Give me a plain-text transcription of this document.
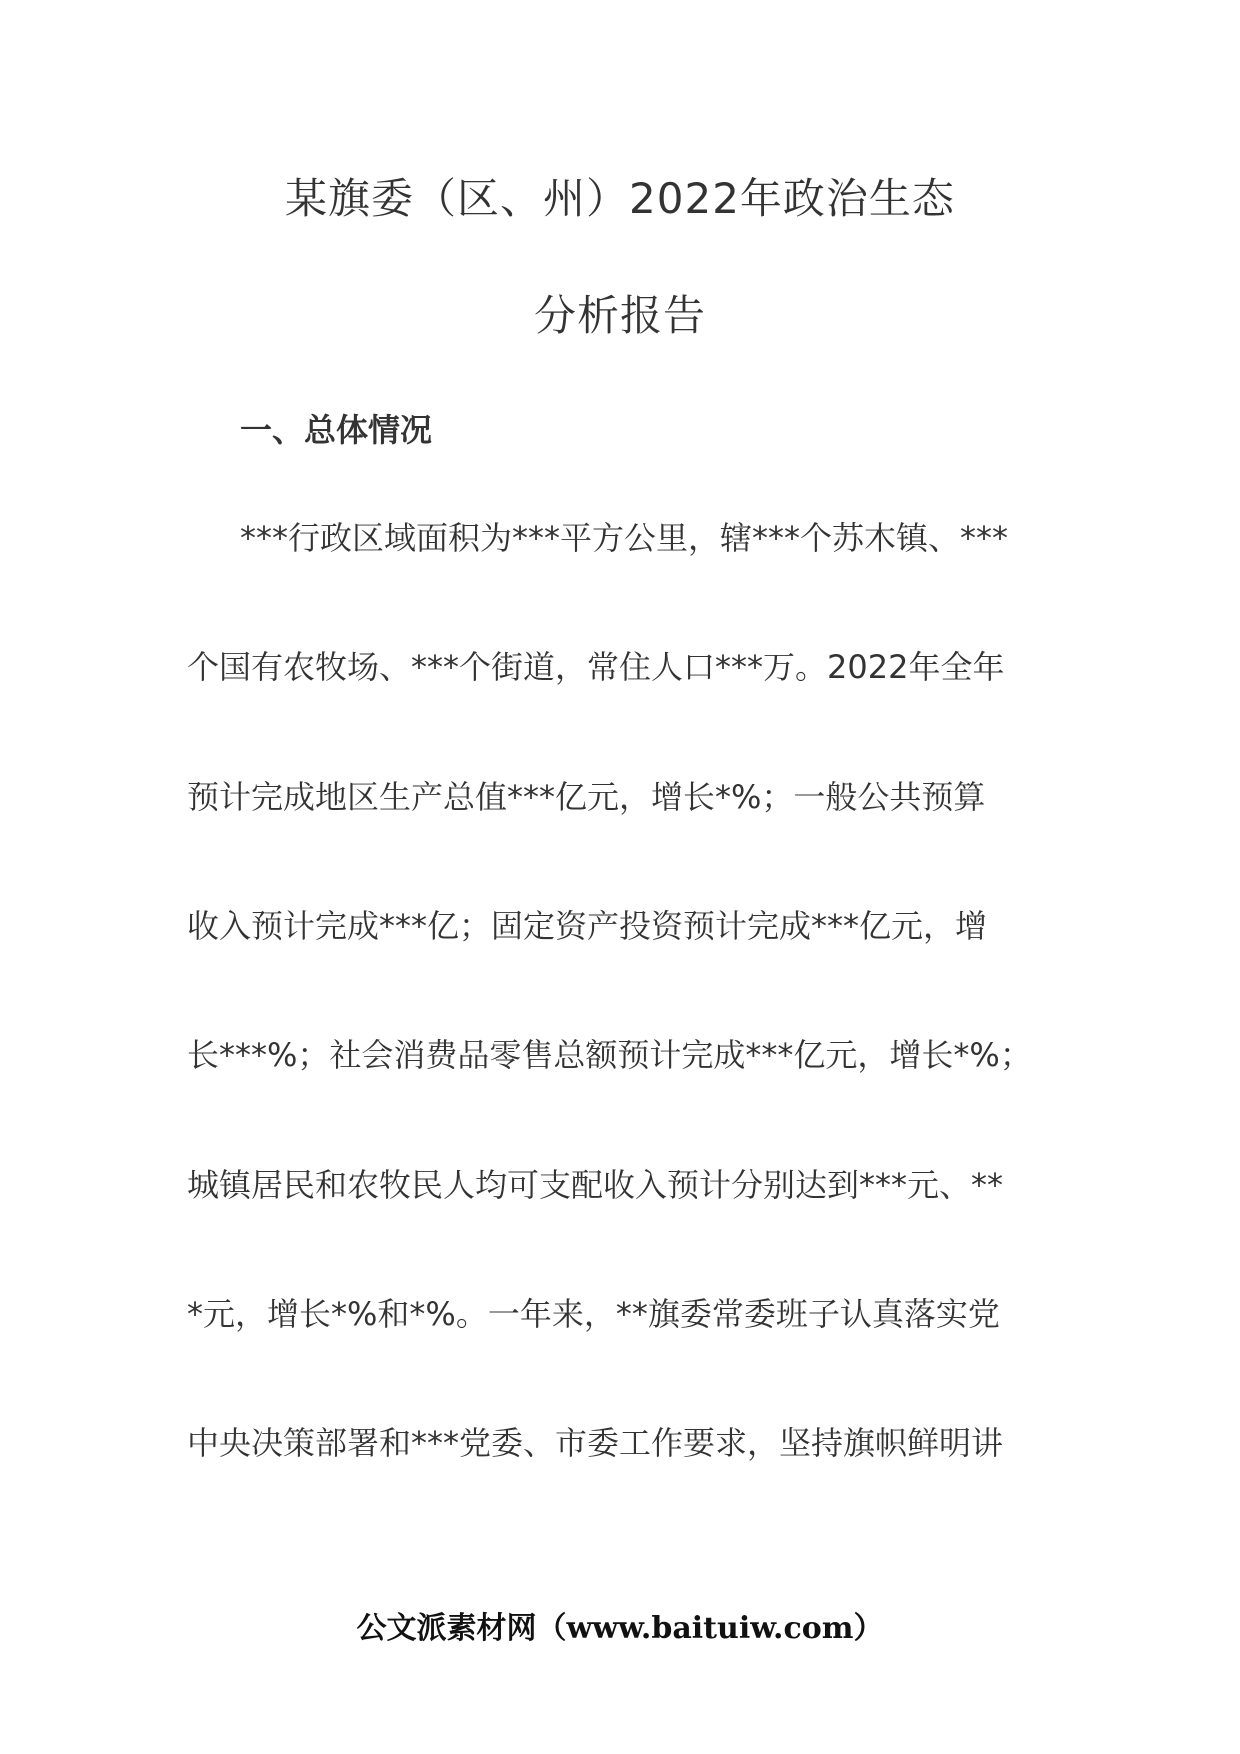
某旗委（区、州）2022年政治生态
分析报告
一、总体情况
***行政区域面积为***平方公里，辖***个苏木镇、***
个国有农牧场、***个街道，常住人口***万。2022年全年
预计完成地区生产总值***亿元，增长*%；一般公共预算
收入预计完成***亿；固定资产投资预计完成***亿元，增
长***%；社会消费品零售总额预计完成***亿元，增长*%；
城镇居民和农牧民人均可支配收入预计分别达到***元、**
*元，增长*%和*%。一年来，**旗委常委班子认真落实党
中央决策部署和***党委、市委工作要求，坚持旗帜鲜明讲
公文派素材网（www.baituiw.com）
